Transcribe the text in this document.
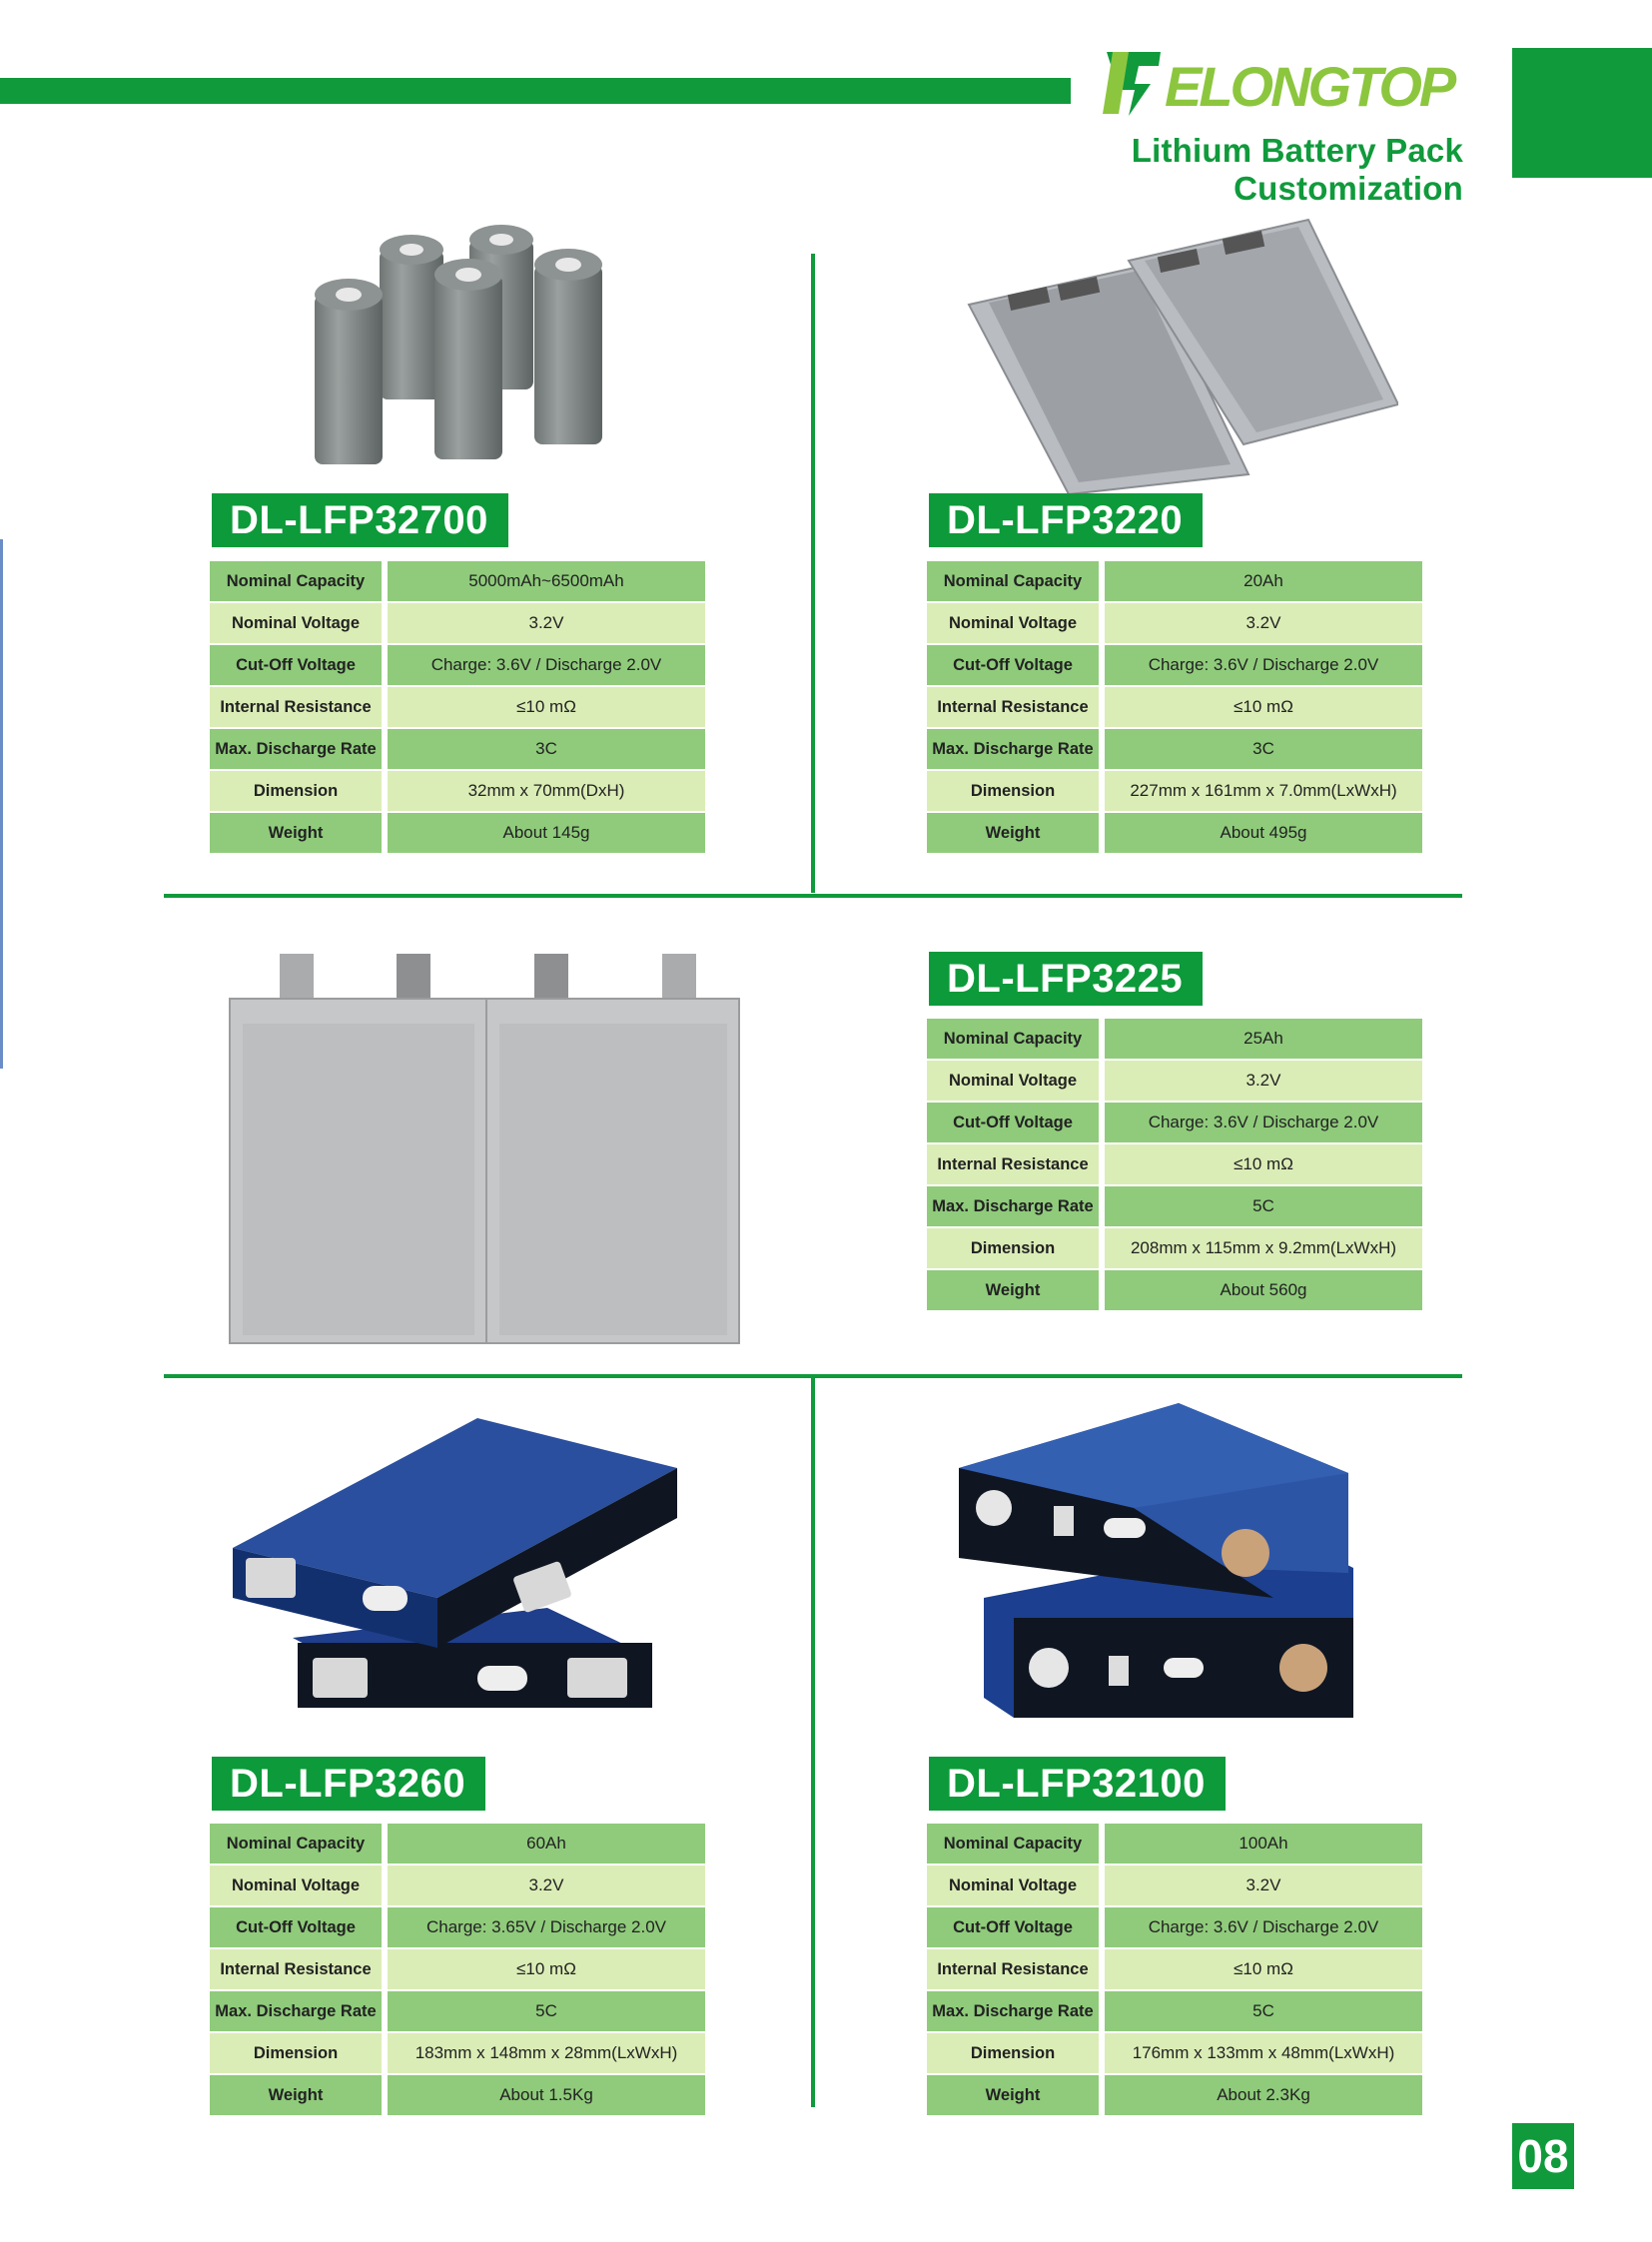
ELONGTOP
Lithium Battery Pack Customization
DL-LFP32700
Nominal Capacity	5000mAh~6500mAh
Nominal Voltage	3.2V
Cut-Off Voltage	Charge: 3.6V / Discharge 2.0V
Internal Resistance	≤10 mΩ
Max. Discharge Rate	3C
Dimension	32mm x 70mm(DxH)
Weight	About 145g
DL-LFP3220
Nominal Capacity	20Ah
Nominal Voltage	3.2V
Cut-Off Voltage	Charge: 3.6V / Discharge 2.0V
Internal Resistance	≤10 mΩ
Max. Discharge Rate	3C
Dimension	227mm x 161mm x 7.0mm(LxWxH)
Weight	About 495g
DL-LFP3225
Nominal Capacity	25Ah
Nominal Voltage	3.2V
Cut-Off Voltage	Charge: 3.6V / Discharge 2.0V
Internal Resistance	≤10 mΩ
Max. Discharge Rate	5C
Dimension	208mm x 115mm x 9.2mm(LxWxH)
Weight	About 560g
DL-LFP3260
Nominal Capacity	60Ah
Nominal Voltage	3.2V
Cut-Off Voltage	Charge: 3.65V / Discharge 2.0V
Internal Resistance	≤10 mΩ
Max. Discharge Rate	5C
Dimension	183mm x 148mm x 28mm(LxWxH)
Weight	About 1.5Kg
DL-LFP32100
Nominal Capacity	100Ah
Nominal Voltage	3.2V
Cut-Off Voltage	Charge: 3.6V / Discharge 2.0V
Internal Resistance	≤10 mΩ
Max. Discharge Rate	5C
Dimension	176mm x 133mm x 48mm(LxWxH)
Weight	About 2.3Kg
08
